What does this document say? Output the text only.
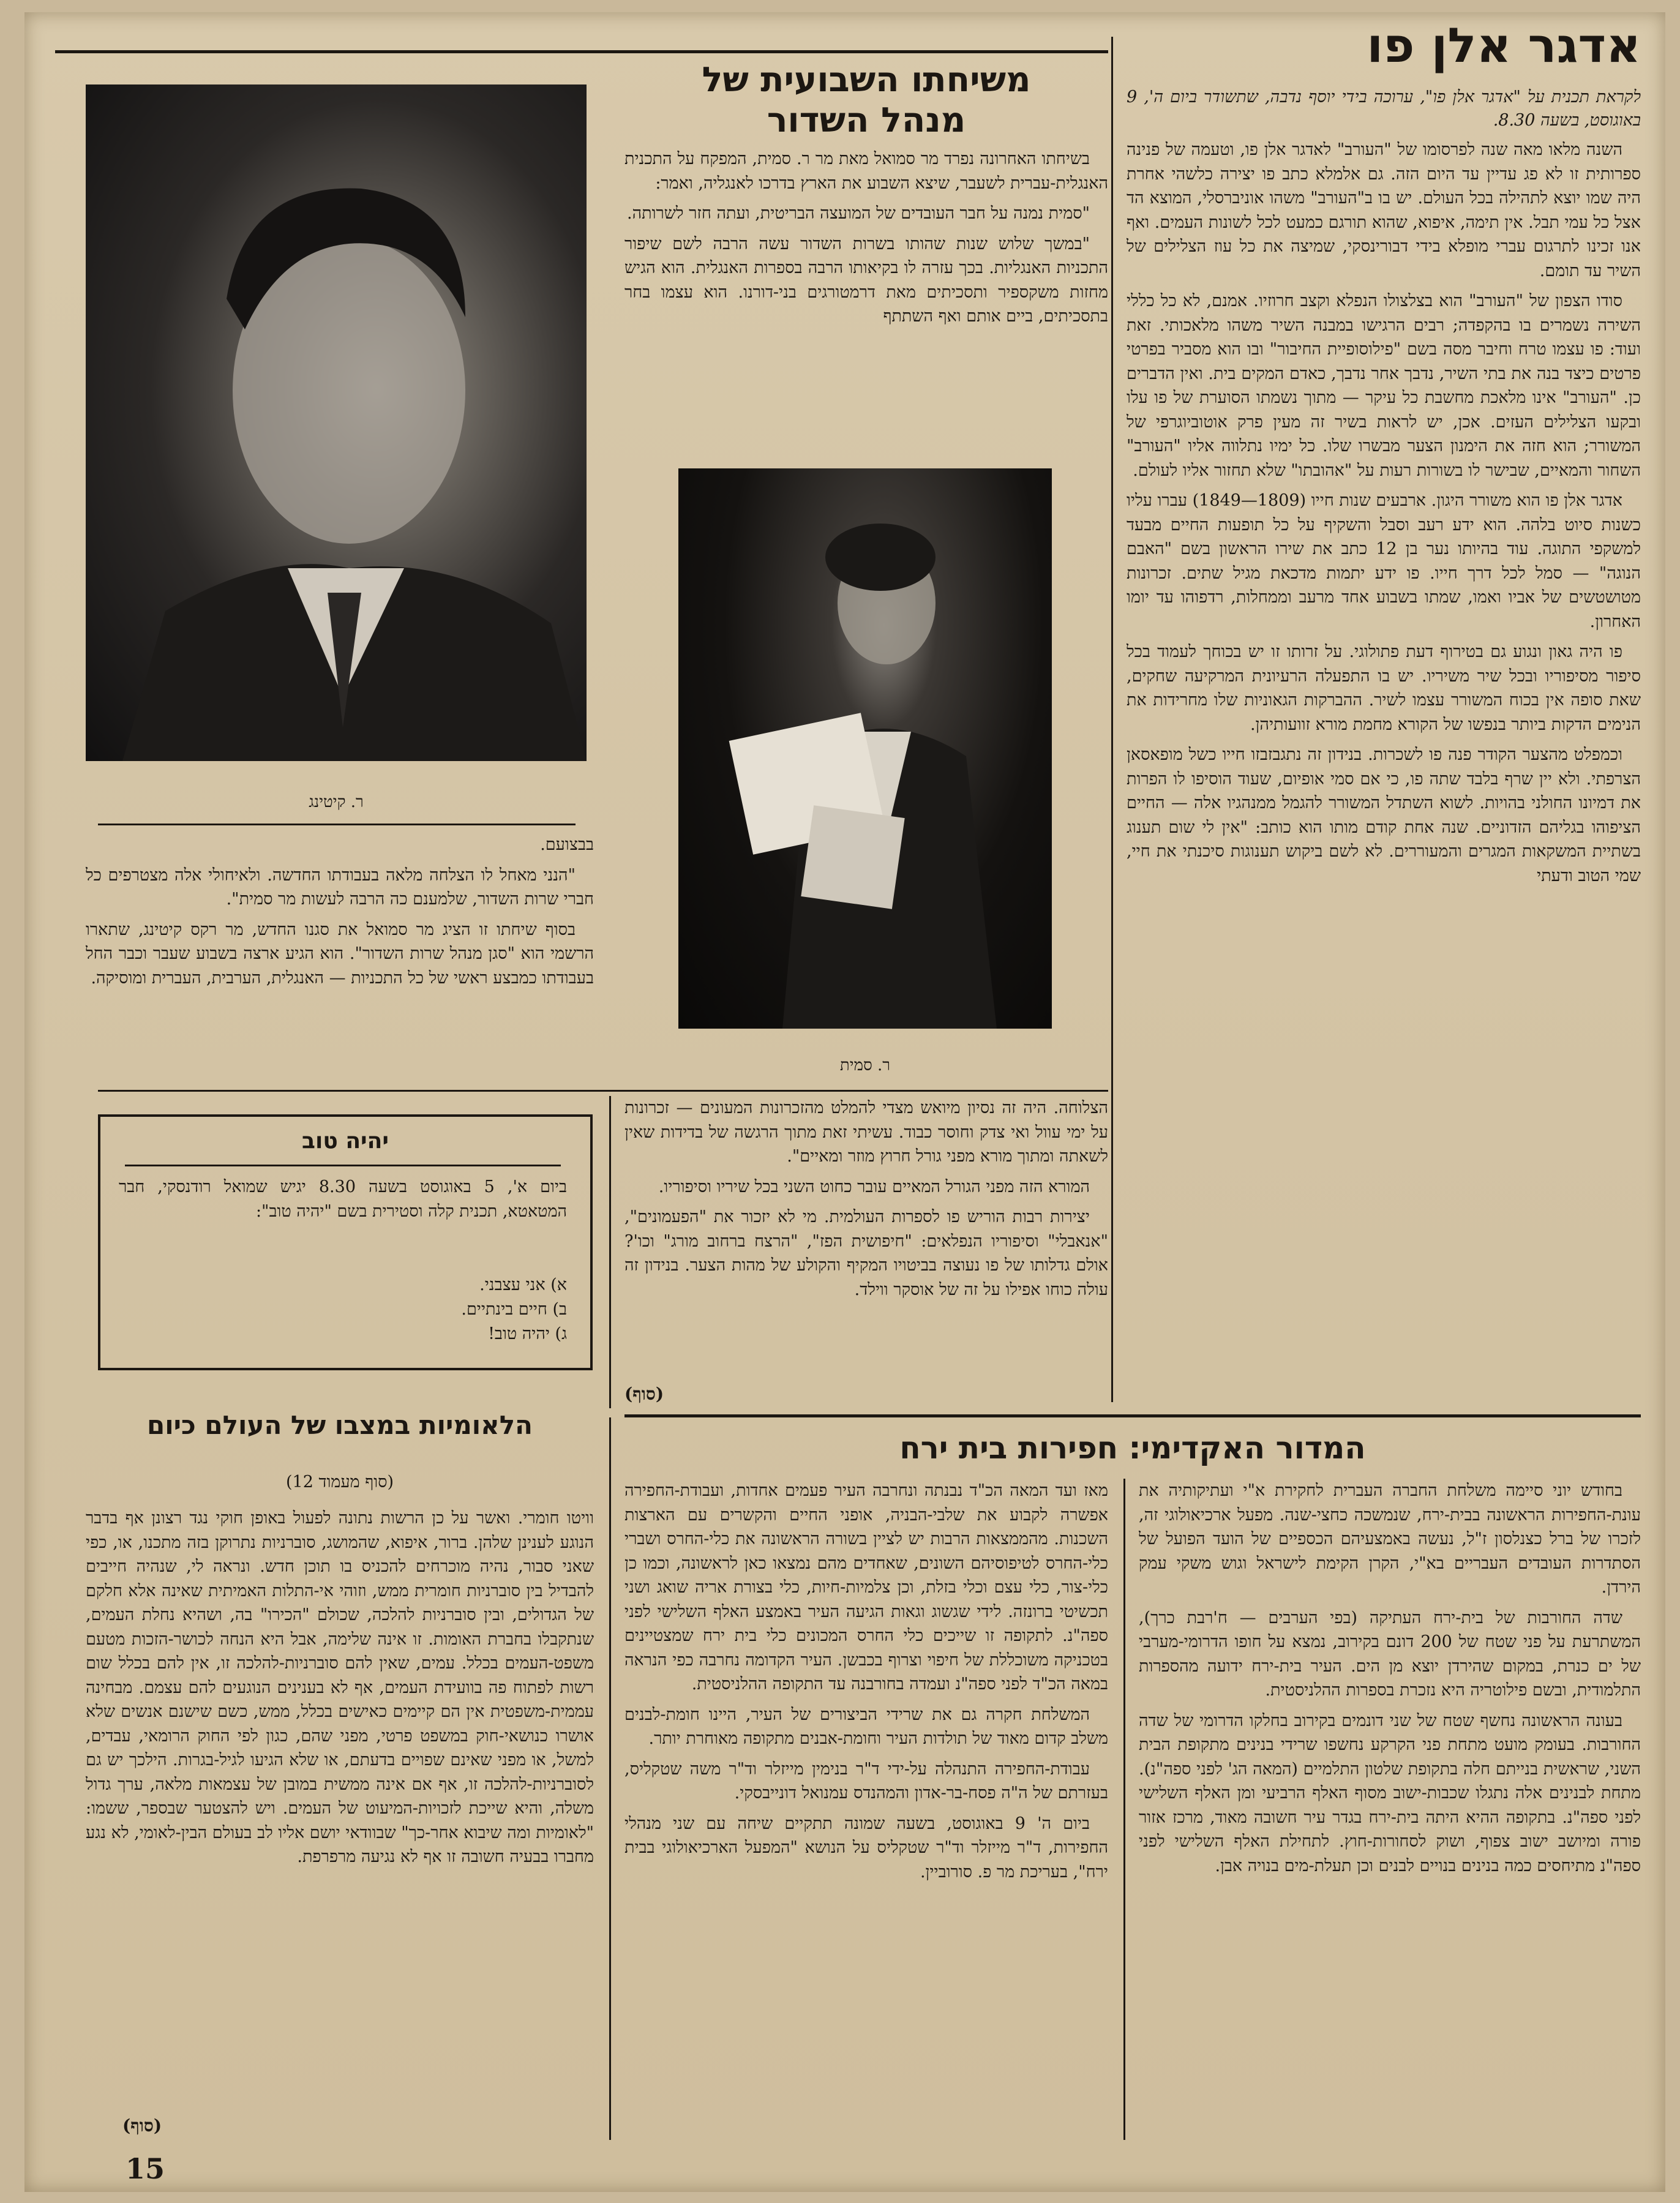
אדגר אלן פו
לקראת תכנית על "אדגר אלן פו", ערוכה בידי יוסף נדבה, שתשודר ביום ה', 9 באוגוסט, בשעה 8.30.

השנה מלאו מאה שנה לפרסומו של "העורב" לאדגר אלן פו, וטעמה של פנינה ספרותית זו לא פג עדיין עד היום הזה. גם אלמלא כתב פו יצירה כלשהי אחרת היה שמו יוצא לתהילה בכל העולם. יש בו ב"העורב" משהו אוניברסלי, המוצא הד אצל כל עמי תבל. אין תימה, איפוא, שהוא תורגם כמעט לכל לשונות העמים. ואף אנו זכינו לתרגום עברי מופלא בידי דבורינסקי, שמיצה את כל עוז הצלילים של השיר עד תומם.

סודו הצפון של "העורב" הוא בצלצולו הנפלא וקצב חרוזיו. אמנם, לא כל כללי השירה נשמרים בו בהקפדה; רבים הרגישו במבנה השיר משהו מלאכותי. זאת ועוד: פו עצמו טרח וחיבר מסה בשם "פילוסופיית החיבור" ובו הוא מסביר בפרטי פרטים כיצד בנה את בתי השיר, נדבך אחר נדבך, כאדם המקים בית. ואין הדברים כן. "העורב" אינו מלאכת מחשבת כל עיקר — מתוך נשמתו הסוערת של פו עלו ובקעו הצלילים העזים. אכן, יש לראות בשיר זה מעין פרק אוטוביוגרפי של המשורר; הוא חזה את הימנון הצער מבשרו שלו. כל ימיו נתלווה אליו "העורב" השחור והמאיים, שבישר לו בשורות רעות על "אהובתו" שלא תחזור אליו לעולם.

אדגר אלן פו הוא משורר היגון. ארבעים שנות חייו (1809—1849) עברו עליו כשנות סיוט בלהה. הוא ידע רעב וסבל והשקיף על כל תופעות החיים מבעד למשקפי התוגה. עוד בהיותו נער בן 12 כתב את שירו הראשון בשם "האבם הנוגה" — סמל לכל דרך חייו. פו ידע יתמות מדכאת מגיל שתים. זכרונות מטושטשים של אביו ואמו, שמתו בשבוע אחד מרעב וממחלות, רדפוהו עד יומו האחרון.

פו היה גאון ונגוע גם בטירוף דעת פתולוגי. על זרותו זו יש בכוחך לעמוד בכל סיפור מסיפוריו ובכל שיר משיריו. יש בו התפעלה הרעיונית המרקיעה שחקים, שאת סופה אין בכוח המשורר עצמו לשיר. ההברקות הגאוניות שלו מחרידות את הנימים הדקות ביותר בנפשו של הקורא מחמת מורא זוועותיהן.

וכמפלט מהצער הקודר פנה פו לשכרות. בנידון זה נתגבזבזו חייו כשל מופאסאן הצרפתי. ולא יין שרף בלבד שתה פו, כי אם סמי אופיום, שעוד הוסיפו לו הפרות את דמיונו החולני בהויות. לשוא השתדל המשורר להגמל ממנהגיו אלה — החיים הציפוהו בגליהם הזדוניים. שנה אחת קודם מותו הוא כותב: "אין לי שום תענוג בשתיית המשקאות המגרים והמעוררים. לא לשם ביקוש תענוגות סיכנתי את חיי, שמי הטוב ודעתי

משיחתו השבועית של
מנהל השדור

בשיחתו האחרונה נפרד מר סמואל מאת מר ר. סמית, המפקח על התכנית האנגלית-עברית לשעבר, שיצא השבוע את הארץ בדרכו לאנגליה, ואמר:

"סמית נמנה על חבר העובדים של המועצה הבריטית, ועתה חזר לשרותה.

"במשך שלוש שנות שהותו בשרות השדור עשה הרבה לשם שיפור התכניות האנגליות. בכך עזרה לו בקיאותו הרבה בספרות האנגלית. הוא הגיש מחזות משקספיר ותסכיתים מאת דרמטורגים בני-דורנו. הוא עצמו בחר בתסכיתים, ביים אותם ואף השתתף

ר. סמית
ר. קיטינג

בבצועם.

"הנני מאחל לו הצלחה מלאה בעבודתו החדשה. ולאיחולי אלה מצטרפים כל חברי שרות השדור, שלמענם כה הרבה לעשות מר סמית".

בסוף שיחתו זו הציג מר סמואל את סגנו החדש, מר רקס קיטינג, שתארו הרשמי הוא "סגן מנהל שרות השדור". הוא הגיע ארצה בשבוע שעבר וכבר החל בעבודתו כמבצע ראשי של כל התכניות — האנגלית, הערבית, העברית ומוסיקה.

הצלוחה. היה זה נסיון מיואש מצדי להמלט מהזכרונות המעונים — זכרונות על ימי עוול ואי צדק וחוסר כבוד. עשיתי זאת מתוך הרגשה של בדידות שאין לשאתה ומתוך מורא מפני גורל חרוץ מוזר ומאיים".

המורא הזה מפני הגורל המאיים עובר כחוט השני בכל שיריו וסיפוריו.

יצירות רבות הוריש פו לספרות העולמית. מי לא יזכור את "הפעמונים", "אנאבלי" וסיפוריו הנפלאים: "חיפושית הפז", "הרצח ברחוב מורג" וכו'? אולם גדלותו של פו נעוצה בביטויו המקיף והקולע של מהות הצער. בנידון זה עולה כוחו אפילו על זה של אוסקר ווילד.

(סוף)
יהיה טוב
ביום א', 5 באוגוסט בשעה 8.30 יגיש שמואל רודנסקי, חבר המטאטא, תכנית קלה וסטירית בשם "יהיה טוב":
א) אני עצבני.
ב) חיים בינתיים.
ג) יהיה טוב!
המדור האקדימי: חפירות בית ירח

בחודש יוני סיימה משלחת החברה העברית לחקירת א"י ועתיקותיה את עונת-החפירות הראשונה בבית-ירח, שנמשכה כחצי-שנה. מפעל ארכיאולוגי זה, לזכרו של ברל כצנלסון ז"ל, נעשה באמצעיהם הכספיים של הועד הפועל של הסתדרות העובדים העבריים בא"י, הקרן הקימת לישראל וגוש משקי עמק הירדן.

שדה החורבות של בית-ירח העתיקה (בפי הערבים — ח'רבת כרך), המשתרעת על פני שטח של 200 דונם בקירוב, נמצא על חופו הדרומי-מערבי של ים כנרת, במקום שהירדן יוצא מן הים. העיר בית-ירח ידועה מהספרות התלמודית, ובשם פילוטריה היא נזכרת בספרות ההלניסטית.

בעונה הראשונה נחשף שטח של שני דונמים בקירוב בחלקו הדרומי של שדה החורבות. בעומק מועט מתחת פני הקרקע נחשפו שרידי בנינים מתקופת הבית השני, שראשית בנייתם חלה בתקופת שלטון התלמיים (המאה הג' לפני ספה"נ). מתחת לבנינים אלה נתגלו שכבות-ישוב מסוף האלף הרביעי ומן האלף השלישי לפני ספה"נ. בתקופה ההיא היתה בית-ירח בגדר עיר חשובה מאוד, מרכז אזור פורה ומיושב ישוב צפוף, ושוק לסחורות-חוץ. לתחילת האלף השלישי לפני ספה"נ מתיחסים כמה בנינים בנויים לבנים וכן תעלת-מים בנויה אבן.

מאז ועד המאה הכ"ד נבנתה ונחרבה העיר פעמים אחדות, ועבודת-החפירה אפשרה לקבוע את שלבי-הבניה, אופני החיים והקשרים עם הארצות השכנות. מהממצאות הרבות יש לציין בשורה הראשונה את כלי-החרס ושברי כלי-החרס לטיפוסיהם השונים, שאחדים מהם נמצאו כאן לראשונה, וכמו כן כלי-צור, כלי עצם וכלי בזלת, וכן צלמיות-חיות, כלי בצורת אריה שואג ושני תכשיטי ברונזה. לידי שגשוג וגאות הגיעה העיר באמצע האלף השלישי לפני ספה"נ. לתקופה זו שייכים כלי החרס המכונים כלי בית ירח שמצטיינים בטכניקה משוכללת של חיפוי וצרוף בכבשן. העיר הקדומה נחרבה כפי הנראה במאה הכ"ד לפני ספה"נ ועמדה בחורבנה עד התקופה ההלניסטית.

המשלחת חקרה גם את שרידי הביצורים של העיר, היינו חומת-לבנים משלב קדום מאוד של תולדות העיר וחומת-אבנים מתקופה מאוחרת יותר.

עבודת-החפירה התנהלה על-ידי ד"ר בנימין מייזלר וד"ר משה שטקליס, בעזרתם של ה"ה פסח-בר-אדון והמהנדס עמנואל דונייבסקי.

ביום ה' 9 באוגוסט, בשעה שמונה תתקיים שיחה עם שני מנהלי החפירות, ד"ר מייזלר וד"ר שטקליס על הנושא "המפעל הארכיאולוגי בבית ירח", בעריכת מר פ. סורוביין.

הלאומיות במצבו של העולם כיום
(סוף מעמוד 12)

וויטו חומרי. ואשר על כן הרשות נתונה לפעול באופן חוקי נגד רצונן אף בדבר הנוגע לענינן שלהן. ברור, איפוא, שהמושג, סוברניות נתרוקן בזה מתכנו, או, כפי שאני סבור, נהיה מוכרחים להכניס בו תוכן חדש. ונראה לי, שנהיה חייבים להבדיל בין סוברניות חומרית ממש, וזוהי אי-התלות האמיתית שאינה אלא חלקם של הגדולים, ובין סוברניות להלכה, שכולם "הכירו" בה, ושהיא נחלת העמים, שנתקבלו בחברת האומות. זו אינה שלימה, אבל היא הנחה לכושר-הזכות מטעם משפט-העמים בכלל. עמים, שאין להם סוברניות-להלכה זו, אין להם בכלל שום רשות לפתוח פה בוועידת העמים, אף לא בענינים הנוגעים להם עצמם. מבחינה עממית-משפטית אין הם קיימים כאישים בכלל, ממש, כשם שישנם אנשים שלא אושרו כנושאי-חוק במשפט פרטי, מפני שהם, כגון לפי החוק הרומאי, עבדים, למשל, או מפני שאינם שפויים בדעתם, או שלא הגיעו לגיל-בגרות. הילכך יש גם לסוברניות-להלכה זו, אף אם אינה ממשית במובן של עצמאות מלאה, ערך גדול משלה, והיא שייכת לזכויות-המיעוט של העמים. ויש להצטער שבספר, ששמו: "לאומיות ומה שיבוא אחר-כך" שבוודאי יושם אליו לב בעולם הבין-לאומי, לא נגע מחברו בבעיה חשובה זו אף לא נגיעה מרפרפת.

(סוף)
15
